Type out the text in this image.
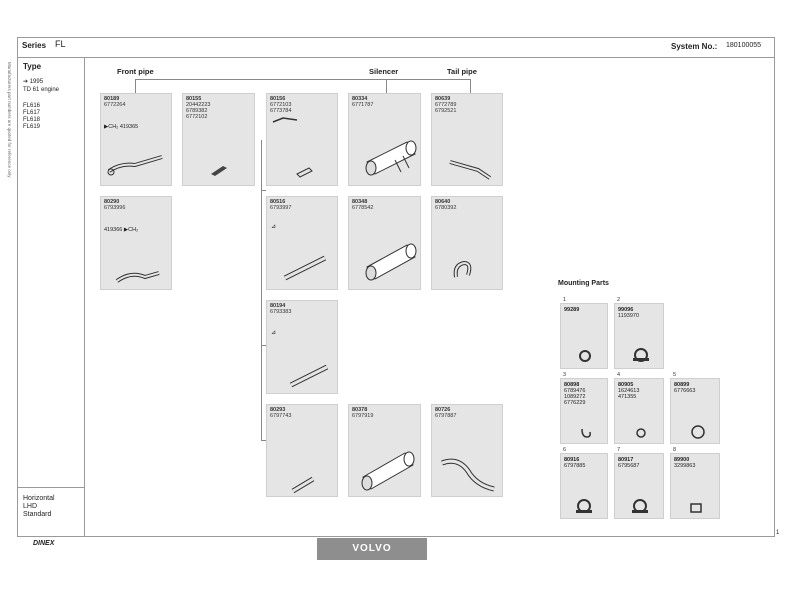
Series FL	System No.: 180100055
Type
➔ 1995
TD 61 engine
FL616
FL617
FL618
FL619
Horizontal
LHD
Standard
Manufacturers part numbers are quoted for reference only	Front pipe	Silencer	Tail pipe
80189
6772264
▶CH₂ 419365
80155
20442223
6789382
6772102
80156
6772103
6773784
80334
6771787
80639
6772789
6792521
80290
6793996
419366 ▶CH₂
80516
6793997
⊿
80348
6778542
80640
6780392
80194
6793383
⊿
80293
6797743
80378
6797919
80726
6797887
Mounting Parts
1
99289
2
99096
1193970
3
80898
6789476
1089272
6776229
4
80905
1624613
471355
5
80899
6776663
6
80916
6797885
7
80917
6795687
8
89900
3299863
DINEX	VOLVO
1
